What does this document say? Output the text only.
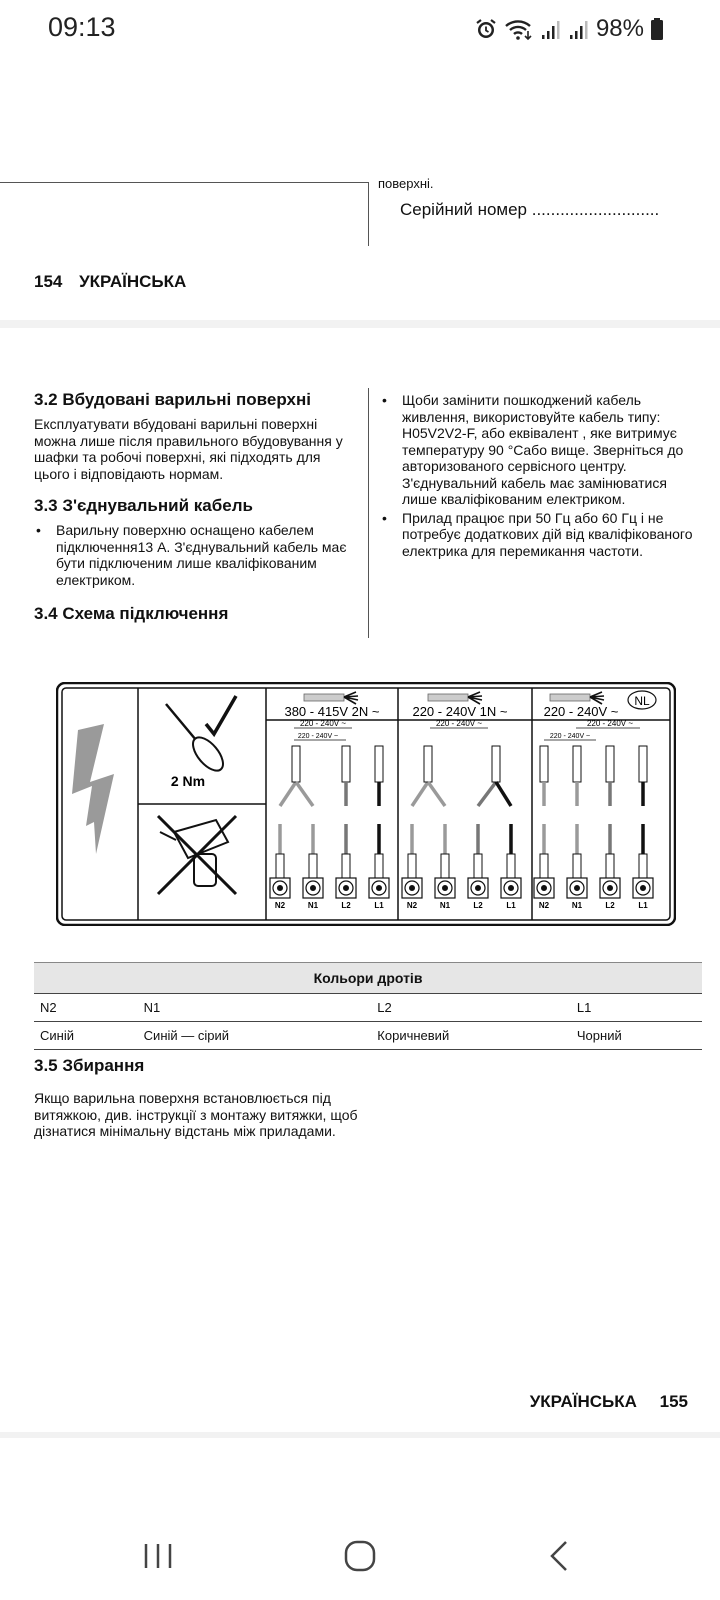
09:13	98%
поверхні.
Серійний номер ...........................
154 УКРАЇНСЬКА
3.2 Вбудовані варильні поверхні

Експлуатувати вбудовані варильні поверхні можна лише після правильного вбудовування у шафки та робочі поверхні, які підходять для цього і відповідають нормам.

3.3 З'єднувальний кабель
• Варильну поверхню оснащено кабелем підключення13 А. З'єднувальний кабель має бути підключеним лише кваліфікованим електриком.
3.4 Схема підключення
• Щоби замінити пошкоджений кабель живлення, використовуйте кабель типу: H05V2V2-F, або еквівалент , яке витримує температуру 90 °Cабо вище. Зверніться до авторизованого сервісного центру. З'єднувальний кабель має замінюватися лише кваліфікованим електриком.
• Прилад працює при 50 Гц або 60 Гц і не потребує додаткових дій від кваліфікованого електрика для перемикання частоти.
2 Nm
NL
380 - 415V 2N ~	220 - 240V 1N ~	220 - 240V ~
220 - 240V ~
220 - 240V ~
220 - 240V ~	220 - 240V ~
220 - 240V ~
N2	N1	L2	L1	N2	N1	L2	L1	N2	N1	L2	L1
Кольори дротів			
N2	N1	L2	L1
Синій	Синій — сірий	Коричневий	Чорний
3.5 Збирання

Якщо варильна поверхня встановлюється під витяжкою, див. інструкції з монтажу витяжки, щоб дізнатися мінімальну відстань між приладами.

УКРАЇНСЬКА 155
